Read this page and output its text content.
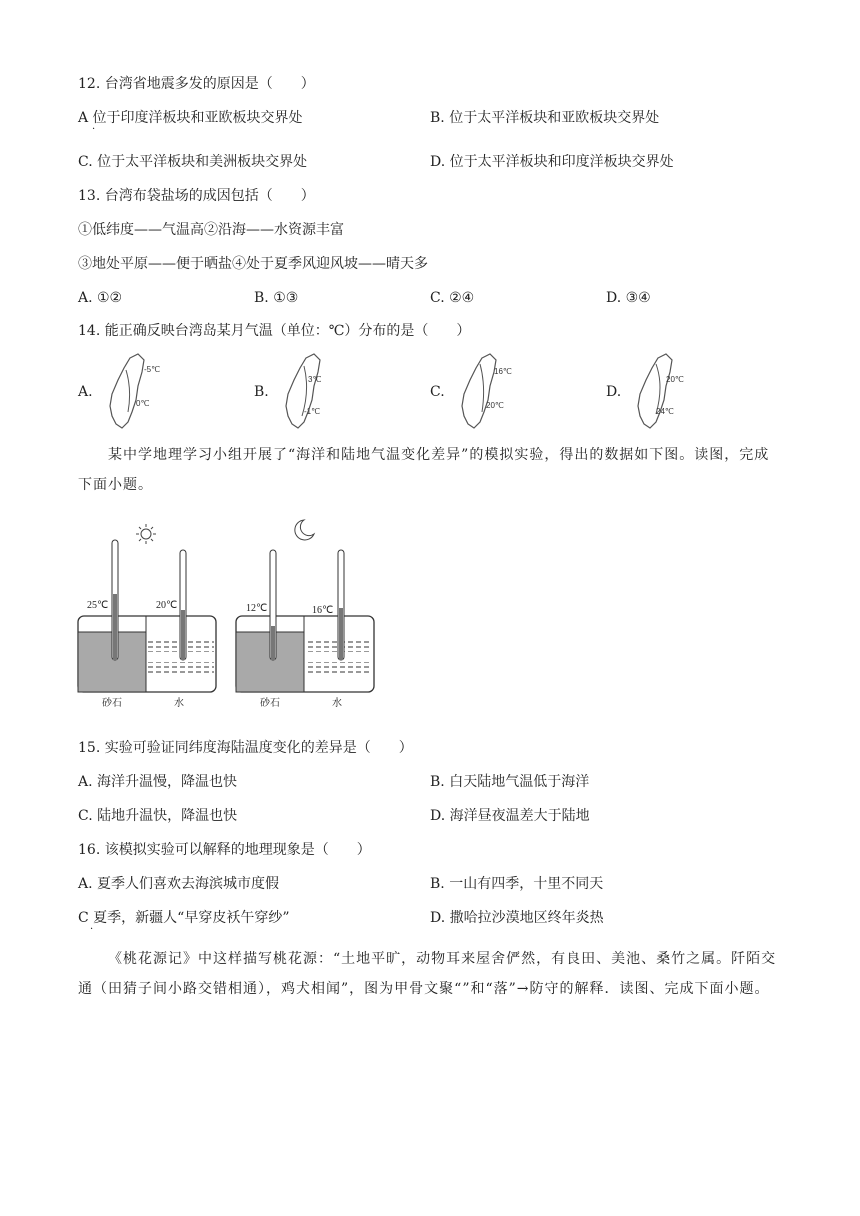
12. 台湾省地震多发的原因是（　　）
A 位于印度洋板块和亚欧板块交界处
·
B. 位于太平洋板块和亚欧板块交界处
C. 位于太平洋板块和美洲板块交界处	D. 位于太平洋板块和印度洋板块交界处
13. 台湾布袋盐场的成因包括（　　）
①低纬度——气温高②沿海——水资源丰富
③地处平原——便于晒盐④处于夏季风迎风坡——晴天多
A. ①②	B. ①③	C. ②④	D. ③④
14. 能正确反映台湾岛某月气温（单位：℃）分布的是（　　）
A.
-5℃
0℃
B.
3℃
-1℃
C.
16℃
20℃
D.
20℃
24℃
某中学地理学习小组开展了“海洋和陆地气温变化差异”的模拟实验，得出的数据如下图。读图，完成下面小题。
25℃	20℃
砂石	水
12℃	16℃
砂石	水
15. 实验可验证同纬度海陆温度变化的差异是（　　）
A. 海洋升温慢，降温也快	B. 白天陆地气温低于海洋
C. 陆地升温快，降温也快	D. 海洋昼夜温差大于陆地
16. 该模拟实验可以解释的地理现象是（　　）
A. 夏季人们喜欢去海滨城市度假	B. 一山有四季，十里不同天
C 夏季，新疆人“早穿皮袄午穿纱”
·
D. 撒哈拉沙漠地区终年炎热
《桃花源记》中这样描写桃花源：“土地平旷，动物耳来屋舍俨然，有良田、美池、桑竹之属。阡陌交通（田猜子间小路交错相通），鸡犬相闻”，图为甲骨文聚“”和“落”→防守的解释．读图、完成下面小题。
